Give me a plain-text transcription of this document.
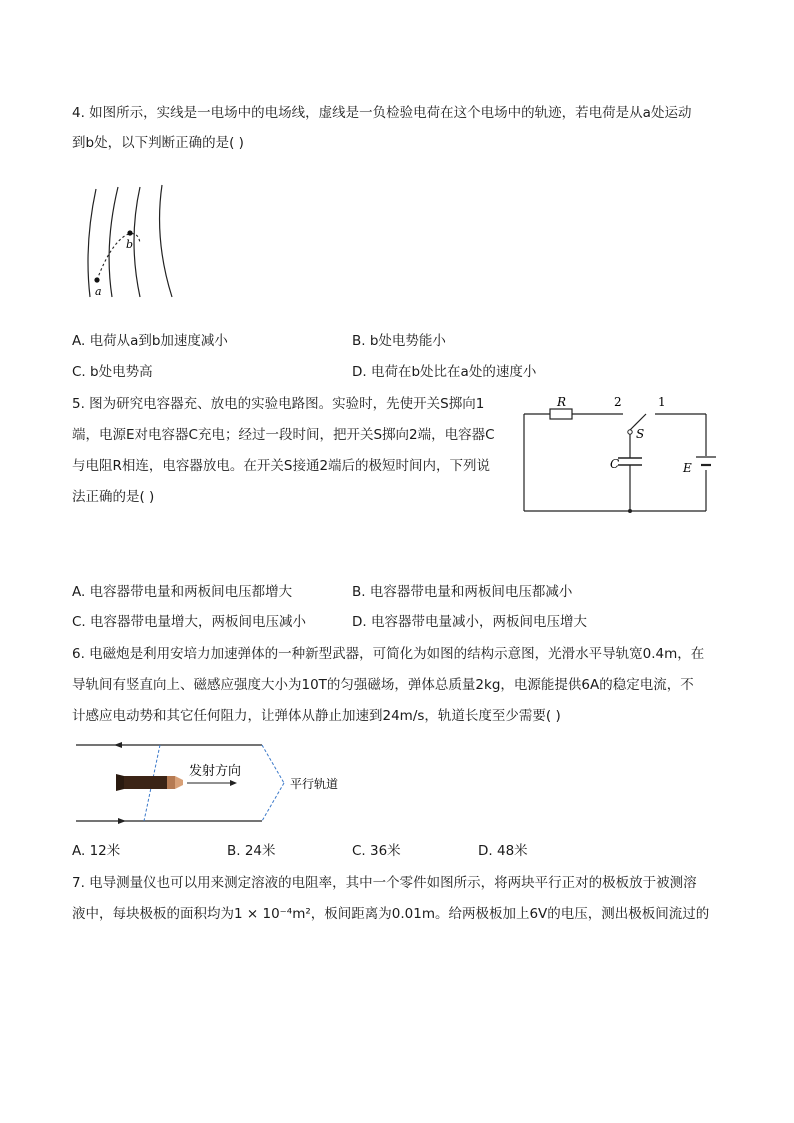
4. 如图所示，实线是一电场中的电场线，虚线是一负检验电荷在这个电场中的轨迹，若电荷是从a处运动
到b处，以下判断正确的是( )
a
b
A. 电荷从a到b加速度减小	B. b处电势能小
C. b处电势高	D. 电荷在b处比在a处的速度小
5. 图为研究电容器充、放电的实验电路图。实验时，先使开关S掷向1
端，电源E对电容器C充电；经过一段时间，把开关S掷向2端，电容器C
与电阻R相连，电容器放电。在开关S接通2端后的极短时间内，下列说
法正确的是( )
R	2	1
S
C	E
A. 电容器带电量和两板间电压都增大	B. 电容器带电量和两板间电压都减小
C. 电容器带电量增大，两板间电压减小	D. 电容器带电量减小，两板间电压增大
6. 电磁炮是利用安培力加速弹体的一种新型武器，可简化为如图的结构示意图，光滑水平导轨宽0.4m，在
导轨间有竖直向上、磁感应强度大小为10T的匀强磁场，弹体总质量2kg，电源能提供6A的稳定电流，不
计感应电动势和其它任何阻力，让弹体从静止加速到24m/s，轨道长度至少需要( )
发射方向
平行轨道
A. 12米	B. 24米	C. 36米	D. 48米
7. 电导测量仪也可以用来测定溶液的电阻率，其中一个零件如图所示，将两块平行正对的极板放于被测溶
液中，每块极板的面积均为1 × 10⁻⁴m²，板间距离为0.01m。给两极板加上6V的电压，测出极板间流过的
